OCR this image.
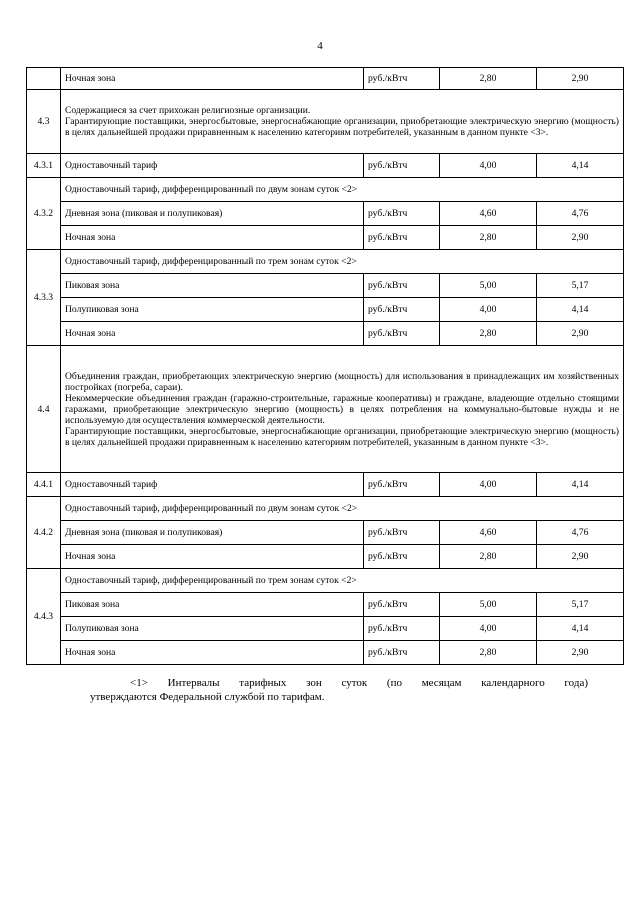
4
	Ночная зона	руб./кВтч	2,80	2,90
4.3	Содержащиеся за счет прихожан религиозные организации.
Гарантирующие поставщики, энергосбытовые, энергоснабжающие организации, приобретающие электрическую энергию (мощность) в целях дальнейшей продажи приравненным к населению категориям потребителей, указанным в данном пункте <3>.			

4.3.1	Одноставочный тариф	руб./кВтч	4,00	4,14
4.3.2	Одноставочный тариф, дифференцированный по двум зонам суток <2>			
	Дневная зона (пиковая и полупиковая)	руб./кВтч	4,60	4,76
	Ночная зона	руб./кВтч	2,80	2,90
4.3.3	Одноставочный тариф, дифференцированный по трем зонам суток <2>			
	Пиковая зона	руб./кВтч	5,00	5,17
	Полупиковая зона	руб./кВтч	4,00	4,14
	Ночная зона	руб./кВтч	2,80	2,90
4.4	Объединения граждан, приобретающих электрическую энергию (мощность) для использования в принадлежащих им хозяйственных постройках (погреба, сараи).
Некоммерческие объединения граждан (гаражно-строительные, гаражные кооперативы) и граждане, владеющие отдельно стоящими гаражами, приобретающие электрическую энергию (мощность) в целях потребления на коммунально-бытовые нужды и не используемую для осуществления коммерческой деятельности.
Гарантирующие поставщики, энергосбытовые, энергоснабжающие организации, приобретающие электрическую энергию (мощность) в целях дальнейшей продажи приравненным к населению категориям потребителей, указанным в данном пункте <3>.			

4.4.1	Одноставочный тариф	руб./кВтч	4,00	4,14
4.4.2	Одноставочный тариф, дифференцированный по двум зонам суток <2>			
	Дневная зона (пиковая и полупиковая)	руб./кВтч	4,60	4,76
	Ночная зона	руб./кВтч	2,80	2,90
4.4.3	Одноставочный тариф, дифференцированный по трем зонам суток <2>			
	Пиковая зона	руб./кВтч	5,00	5,17
	Полупиковая зона	руб./кВтч	4,00	4,14
	Ночная зона	руб./кВтч	2,80	2,90
<1> Интервалы тарифных зон суток (по месяцам календарного года)
утверждаются Федеральной службой по тарифам.
